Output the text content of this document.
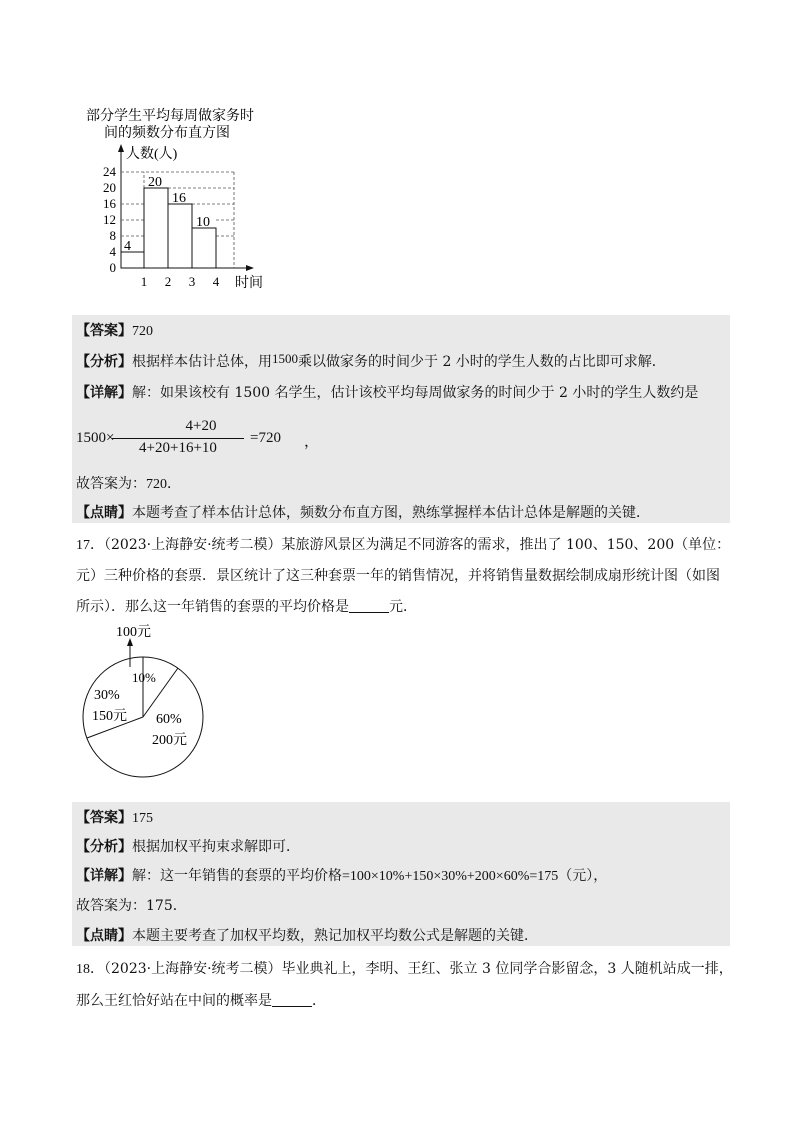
部分学生平均每周做家务时
间的频数分布直方图
人数(人)
时间
24
20
16
12
8
4
0
4
20
16
10
1 2 3 4
【答案】720
【分析】根据样本估计总体，用1500乘以做家务的时间少于 2 小时的学生人数的占比即可求解．
【详解】解：如果该校有 1500 名学生，估计该校平均每周做家务的时间少于 2 小时的学生人数约是
1500×
4+20
4+20+16+10
=720 ，
故答案为：720．
【点睛】本题考查了样本估计总体，频数分布直方图，熟练掌握样本估计总体是解题的关键．
17．（2023·上海静安·统考二模）某旅游风景区为满足不同游客的需求，推出了 100、150、200（单位：
元）三种价格的套票．景区统计了这三种套票一年的销售情况，并将销售量数据绘制成扇形统计图（如图
所示）．那么这一年销售的套票的平均价格是	元．
100元
10%
30%
150元 60%
200元
【答案】175
【分析】根据加权平拘束求解即可．
【详解】解：这一年销售的套票的平均价格=100×10%+150×30%+200×60%=175（元），
故答案为：175．
【点睛】本题主要考查了加权平均数，熟记加权平均数公式是解题的关键．
18．（2023·上海静安·统考二模）毕业典礼上，李明、王红、张立 3 位同学合影留念，3 人随机站成一排，
那么王红恰好站在中间的概率是	．
